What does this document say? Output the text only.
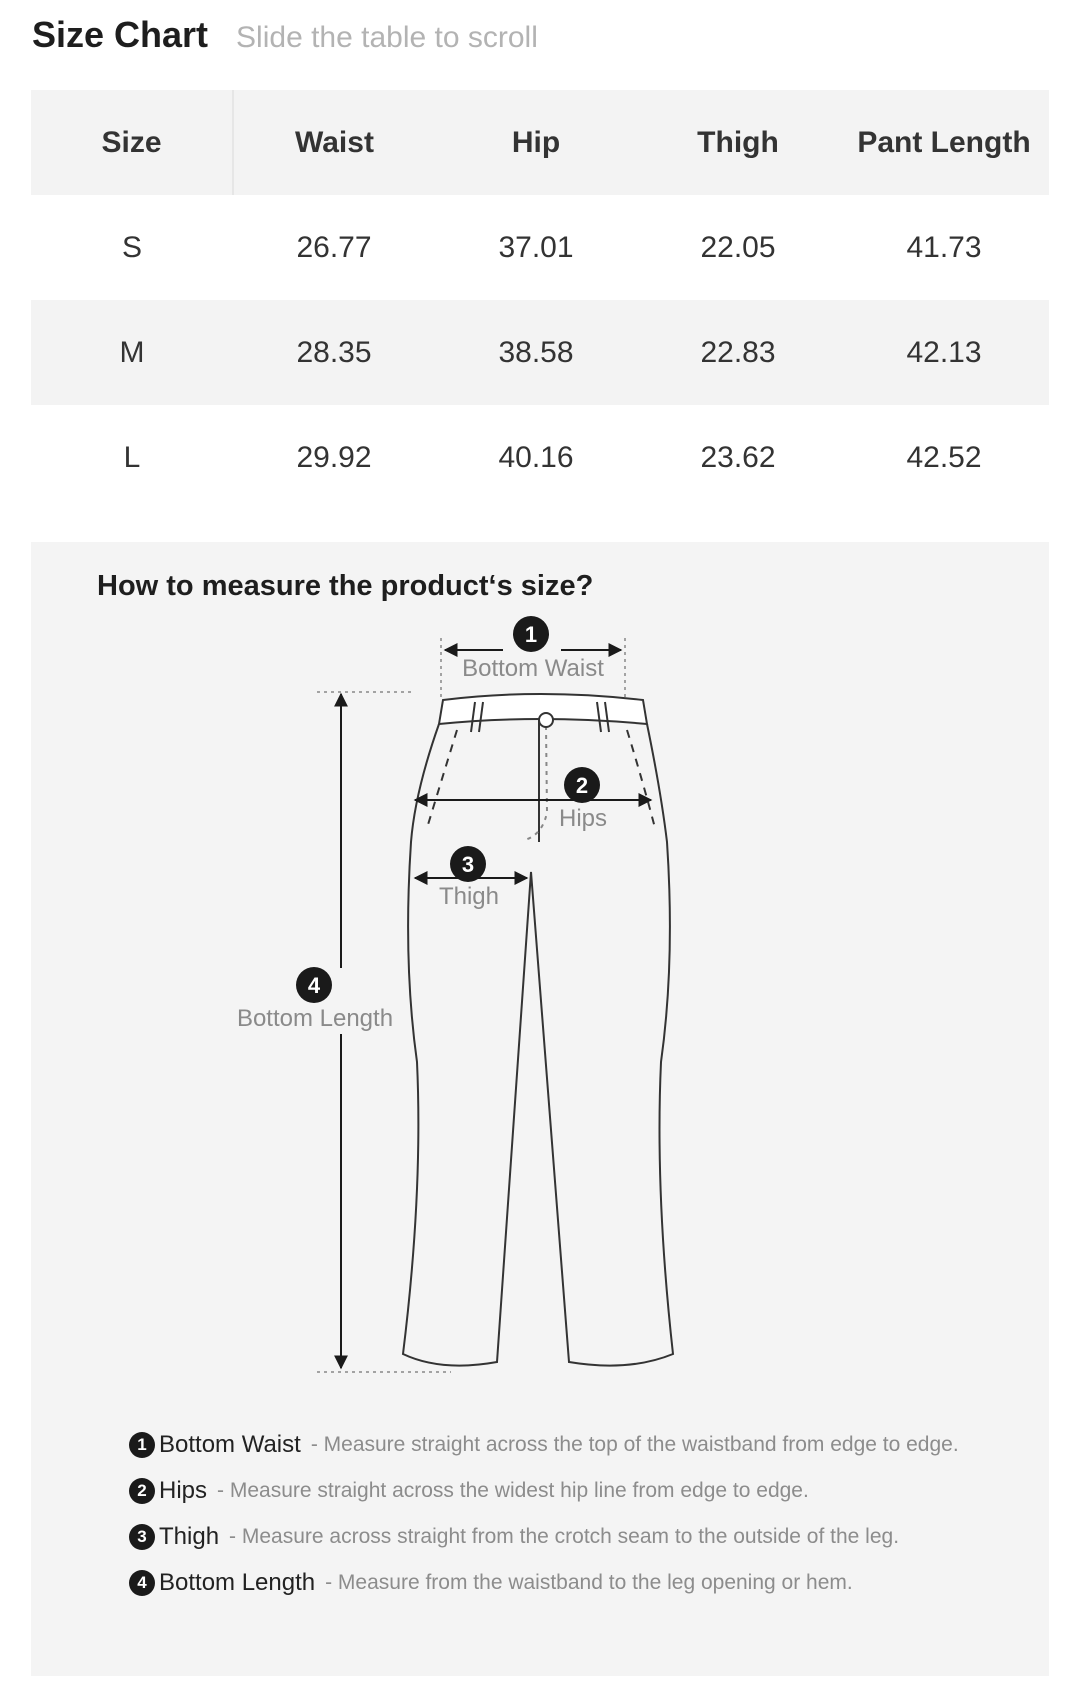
Size Chart Slide the table to scroll
Size	Waist	Hip	Thigh	Pant Length
S	26.77	37.01	22.05	41.73
M	28.35	38.58	22.83	42.13
L	29.92	40.16	23.62	42.52
How to measure the product‘s size?
1
2
3
4
Bottom Waist
Hips
Thigh
Bottom Length
1 Bottom Waist - Measure straight across the top of the waistband from edge to edge.
2 Hips - Measure straight across the widest hip line from edge to edge.
3 Thigh - Measure across straight from the crotch seam to the outside of the leg.
4 Bottom Length - Measure from the waistband to the leg opening or hem.
